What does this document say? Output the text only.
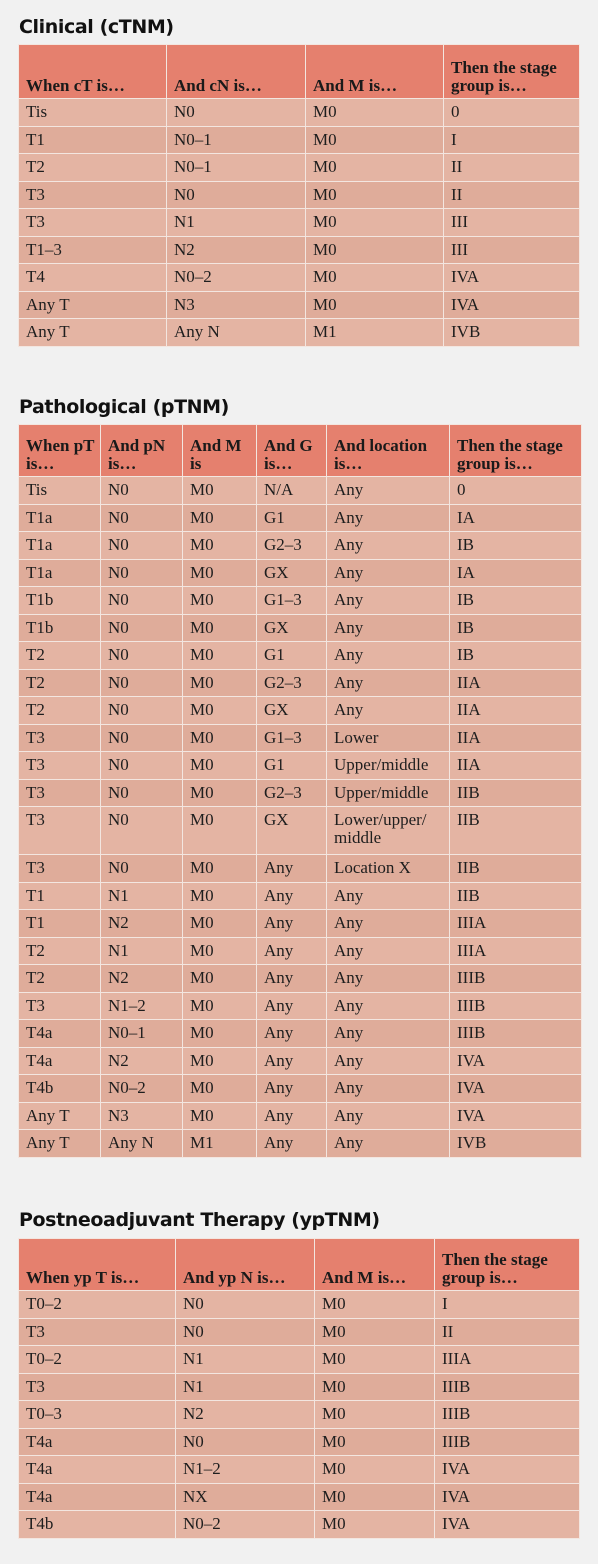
Clinical (cTNM)
When cT is…	And cN is…	And M is…	Then the stage group is…
Tis	N0	M0	0
T1	N0–1	M0	I
T2	N0–1	M0	II
T3	N0	M0	II
T3	N1	M0	III
T1–3	N2	M0	III
T4	N0–2	M0	IVA
Any T	N3	M0	IVA
Any T	Any N	M1	IVB
Pathological (pTNM)
When pT is…	And pN is…	And M is	And G is…	And location is…	Then the stage group is…
Tis	N0	M0	N/A	Any	0
T1a	N0	M0	G1	Any	IA
T1a	N0	M0	G2–3	Any	IB
T1a	N0	M0	GX	Any	IA
T1b	N0	M0	G1–3	Any	IB
T1b	N0	M0	GX	Any	IB
T2	N0	M0	G1	Any	IB
T2	N0	M0	G2–3	Any	IIA
T2	N0	M0	GX	Any	IIA
T3	N0	M0	G1–3	Lower	IIA
T3	N0	M0	G1	Upper/middle	IIA
T3	N0	M0	G2–3	Upper/middle	IIB
T3	N0	M0	GX	Lower/upper/ middle	IIB
T3	N0	M0	Any	Location X	IIB
T1	N1	M0	Any	Any	IIB
T1	N2	M0	Any	Any	IIIA
T2	N1	M0	Any	Any	IIIA
T2	N2	M0	Any	Any	IIIB
T3	N1–2	M0	Any	Any	IIIB
T4a	N0–1	M0	Any	Any	IIIB
T4a	N2	M0	Any	Any	IVA
T4b	N0–2	M0	Any	Any	IVA
Any T	N3	M0	Any	Any	IVA
Any T	Any N	M1	Any	Any	IVB
Postneoadjuvant Therapy (ypTNM)
When yp T is…	And yp N is…	And M is…	Then the stage group is…
T0–2	N0	M0	I
T3	N0	M0	II
T0–2	N1	M0	IIIA
T3	N1	M0	IIIB
T0–3	N2	M0	IIIB
T4a	N0	M0	IIIB
T4a	N1–2	M0	IVA
T4a	NX	M0	IVA
T4b	N0–2	M0	IVA
